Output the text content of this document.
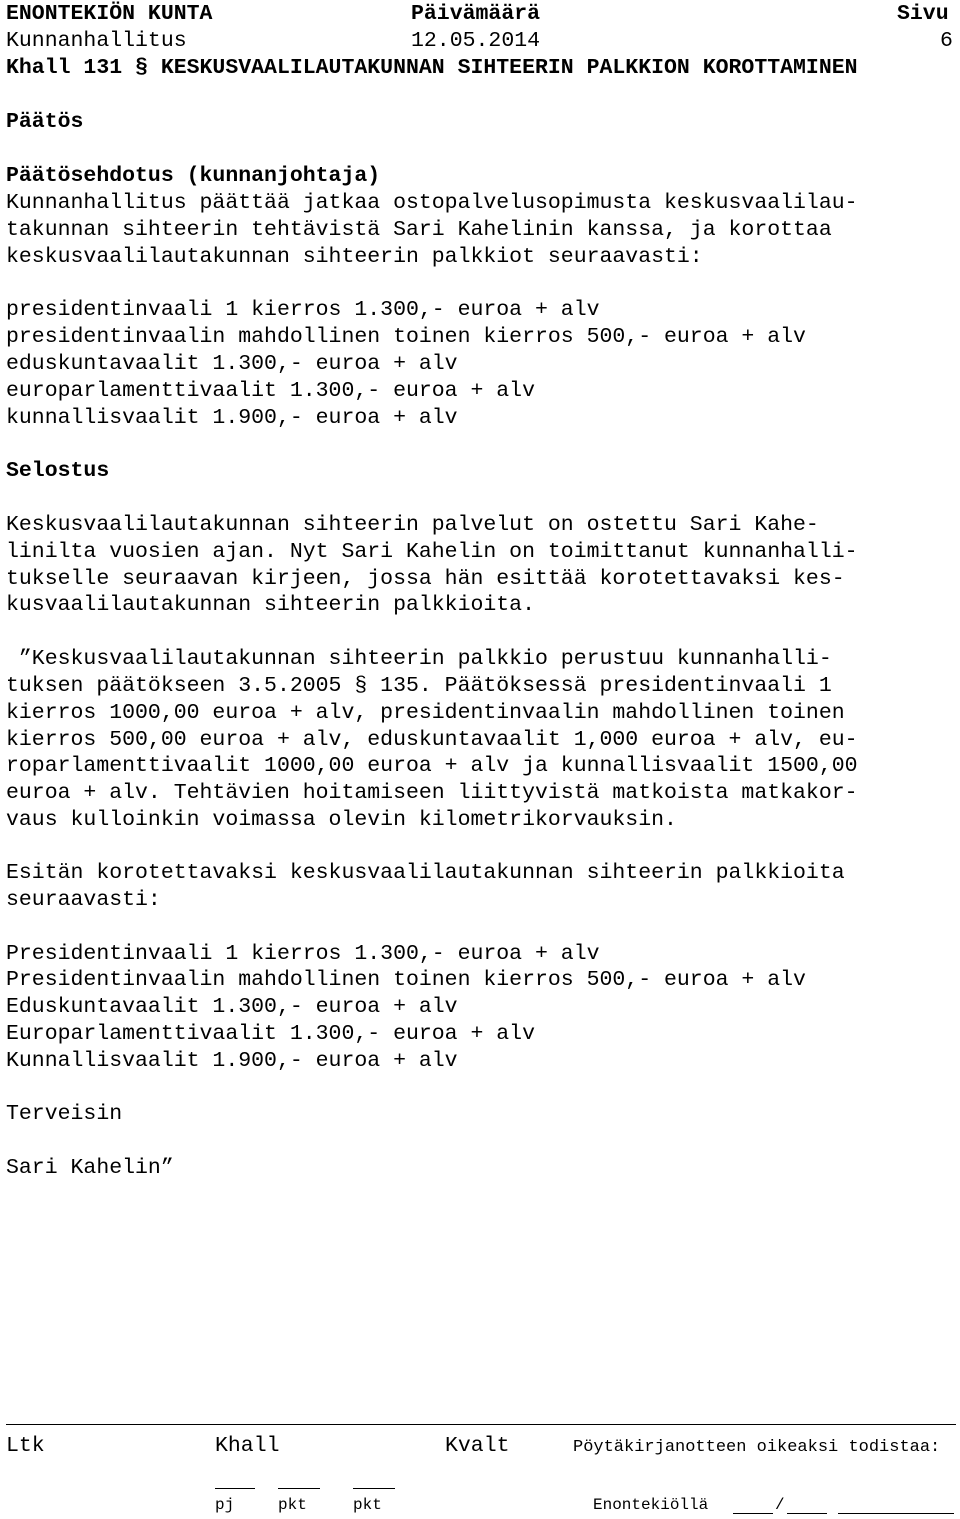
ENONTEKIÖN KUNTA	Päivämäärä	Sivu
Kunnanhallitus	12.05.2014	6
Khall 131 § KESKUSVAALILAUTAKUNNAN SIHTEERIN PALKKION KOROTTAMINEN
Päätös
Päätösehdotus (kunnanjohtaja)
Kunnanhallitus päättää jatkaa ostopalvelusopimusta keskusvaalilau-
takunnan sihteerin tehtävistä Sari Kahelinin kanssa, ja korottaa
keskusvaalilautakunnan sihteerin palkkiot seuraavasti:
presidentinvaali 1 kierros 1.300,- euroa + alv
presidentinvaalin mahdollinen toinen kierros 500,- euroa + alv
eduskuntavaalit 1.300,- euroa + alv
europarlamenttivaalit 1.300,- euroa + alv
kunnallisvaalit 1.900,- euroa + alv
Selostus
Keskusvaalilautakunnan sihteerin palvelut on ostettu Sari Kahe-
linilta vuosien ajan. Nyt Sari Kahelin on toimittanut kunnanhalli-
tukselle seuraavan kirjeen, jossa hän esittää korotettavaksi kes-
kusvaalilautakunnan sihteerin palkkioita.
”Keskusvaalilautakunnan sihteerin palkkio perustuu kunnanhalli-
tuksen päätökseen 3.5.2005 § 135. Päätöksessä presidentinvaali 1
kierros 1000,00 euroa + alv, presidentinvaalin mahdollinen toinen
kierros 500,00 euroa + alv, eduskuntavaalit 1,000 euroa + alv, eu-
roparlamenttivaalit 1000,00 euroa + alv ja kunnallisvaalit 1500,00
euroa + alv. Tehtävien hoitamiseen liittyvistä matkoista matkakor-
vaus kulloinkin voimassa olevin kilometrikorvauksin.
Esitän korotettavaksi keskusvaalilautakunnan sihteerin palkkioita
seuraavasti:
Presidentinvaali 1 kierros 1.300,- euroa + alv
Presidentinvaalin mahdollinen toinen kierros 500,- euroa + alv
Eduskuntavaalit 1.300,- euroa + alv
Europarlamenttivaalit 1.300,- euroa + alv
Kunnallisvaalit 1.900,- euroa + alv
Terveisin
Sari Kahelin”
Ltk	Khall	Kvalt	Pöytäkirjanotteen oikeaksi todistaa:
pj	pkt	pkt	Enontekiöllä	/
